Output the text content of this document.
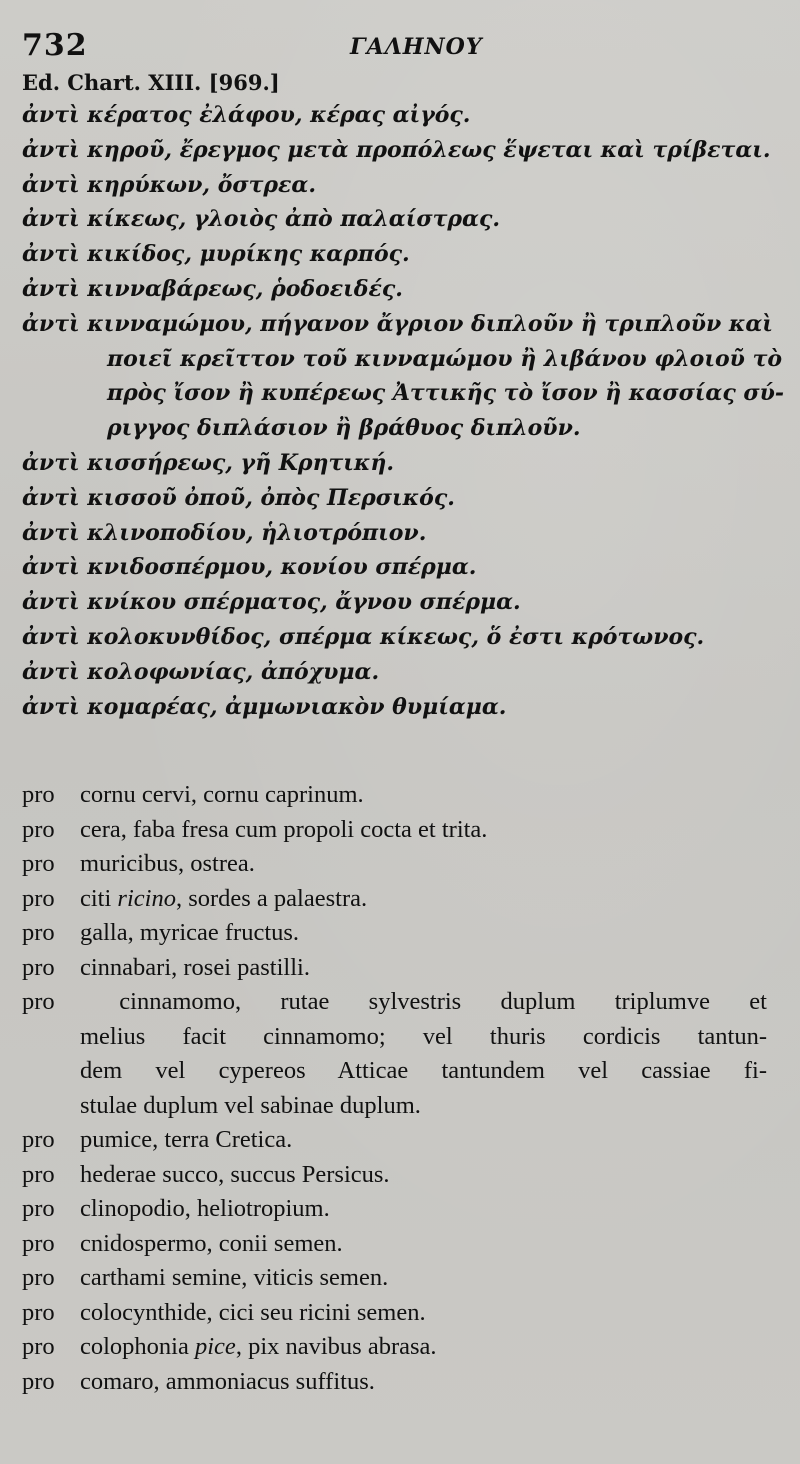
732	ΓΑΛΗΝΟΥ
Ed. Chart. XIII. [969.]
ἀντὶ κέρατος ἐλάφου, κέρας αἰγός.
ἀντὶ κηροῦ, ἔρεγμος μετὰ προπόλεως ἕψεται καὶ τρίβεται.
ἀντὶ κηρύκων, ὄστρεα.
ἀντὶ κίκεως, γλοιὸς ἀπὸ παλαίστρας.
ἀντὶ κικίδος, μυρίκης καρπός.
ἀντὶ κινναβάρεως, ῥοδοειδές.
ἀντὶ κινναμώμου, πήγανον ἄγριον διπλοῦν ἢ τριπλοῦν καὶ
ποιεῖ κρεῖττον τοῦ κινναμώμου ἢ λιβάνου φλοιοῦ τὸ
πρὸς ἴσον ἢ κυπέρεως Ἀττικῆς τὸ ἴσον ἢ κασσίας σύ-
ριγγος διπλάσιον ἢ βράθυος διπλοῦν.
ἀντὶ κισσήρεως, γῆ Κρητική.
ἀντὶ κισσοῦ ὀποῦ, ὀπὸς Περσικός.
ἀντὶ κλινοποδίου, ἡλιοτρόπιον.
ἀντὶ κνιδοσπέρμου, κονίου σπέρμα.
ἀντὶ κνίκου σπέρματος, ἄγνου σπέρμα.
ἀντὶ κολοκυνθίδος, σπέρμα κίκεως, ὅ ἐστι κρότωνος.
ἀντὶ κολοφωνίας, ἀπόχυμα.
ἀντὶ κομαρέας, ἀμμωνιακὸν θυμίαμα.
pro cornu cervi, cornu caprinum.
pro cera, faba fresa cum propoli cocta et trita.
pro muricibus, ostrea.
pro citi ricino, sordes a palaestra.
pro galla, myricae fructus.
pro cinnabari, rosei pastilli.
pro	cinnamomo, rutae sylvestris duplum triplumve et
melius facit cinnamomo; vel thuris cordicis tantun-
dem vel cypereos Atticae tantundem vel cassiae fi-
stulae duplum vel sabinae duplum.
pro pumice, terra Cretica.
pro hederae succo, succus Persicus.
pro clinopodio, heliotropium.
pro cnidospermo, conii semen.
pro carthami semine, viticis semen.
pro colocynthide, cici seu ricini semen.
pro colophonia pice, pix navibus abrasa.
pro comaro, ammoniacus suffitus.
